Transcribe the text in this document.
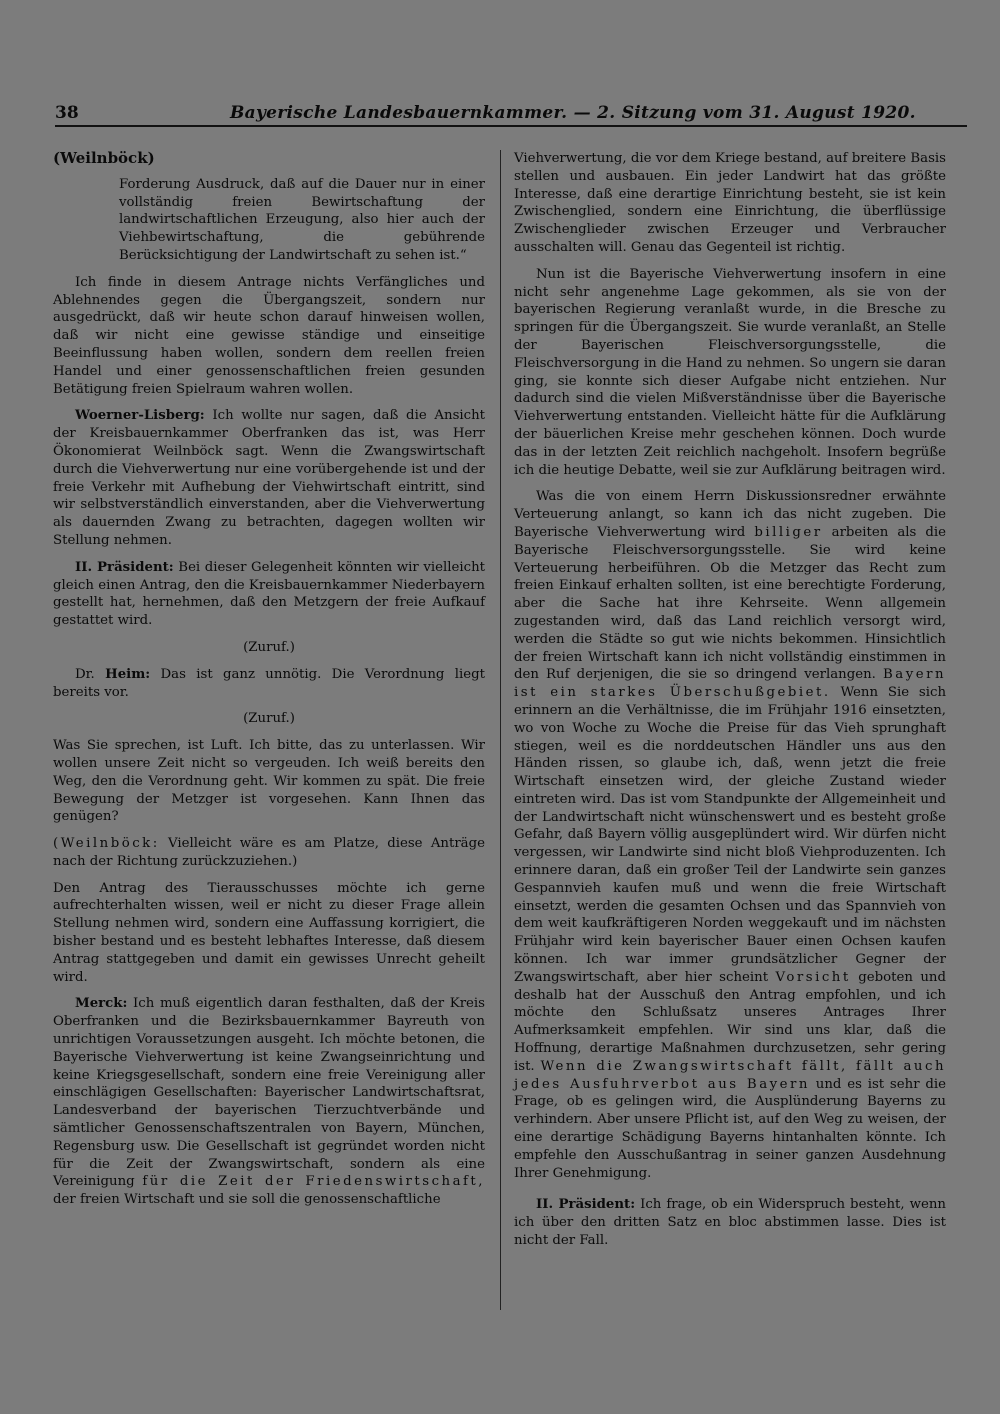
38	Bayerische Landesbauernkammer. — 2. Sitzung vom 31. August 1920.
(Weilnböck)

Forderung Ausdruck, daß auf die Dauer nur in einer vollständig freien Bewirtschaftung der landwirtschaftlichen Erzeugung, also hier auch der Viehbewirtschaftung, die gebührende Berücksichtigung der Landwirtschaft zu sehen ist.“

Ich finde in diesem Antrage nichts Verfängliches und Ablehnendes gegen die Übergangszeit, sondern nur ausgedrückt, daß wir heute schon darauf hinweisen wollen, daß wir nicht eine gewisse ständige und einseitige Beeinflussung haben wollen, sondern dem reellen freien Handel und einer genossenschaftlichen freien gesunden Betätigung freien Spielraum wahren wollen.

Woerner-Lisberg: Ich wollte nur sagen, daß die Ansicht der Kreisbauernkammer Oberfranken das ist, was Herr Ökonomierat Weilnböck sagt. Wenn die Zwangswirtschaft durch die Viehverwertung nur eine vorübergehende ist und der freie Verkehr mit Aufhebung der Viehwirtschaft eintritt, sind wir selbstverständlich einverstanden, aber die Viehverwertung als dauernden Zwang zu betrachten, dagegen wollten wir Stellung nehmen.

II. Präsident: Bei dieser Gelegenheit könnten wir vielleicht gleich einen Antrag, den die Kreisbauernkammer Niederbayern gestellt hat, hernehmen, daß den Metzgern der freie Aufkauf gestattet wird.

(Zuruf.)

Dr. Heim: Das ist ganz unnötig. Die Verordnung liegt bereits vor.

(Zuruf.)

Was Sie sprechen, ist Luft. Ich bitte, das zu unterlassen. Wir wollen unsere Zeit nicht so vergeuden. Ich weiß bereits den Weg, den die Verordnung geht. Wir kommen zu spät. Die freie Bewegung der Metzger ist vorgesehen. Kann Ihnen das genügen?

(Weilnböck: Vielleicht wäre es am Platze, diese Anträge nach der Richtung zurückzuziehen.)

Den Antrag des Tierausschusses möchte ich gerne aufrechterhalten wissen, weil er nicht zu dieser Frage allein Stellung nehmen wird, sondern eine Auffassung korrigiert, die bisher bestand und es besteht lebhaftes Interesse, daß diesem Antrag stattgegeben und damit ein gewisses Unrecht geheilt wird.

Merck: Ich muß eigentlich daran festhalten, daß der Kreis Oberfranken und die Bezirksbauernkammer Bayreuth von unrichtigen Voraussetzungen ausgeht. Ich möchte betonen, die Bayerische Viehverwertung ist keine Zwangseinrichtung und keine Kriegsgesellschaft, sondern eine freie Vereinigung aller einschlägigen Gesellschaften: Bayerischer Landwirtschaftsrat, Landesverband der bayerischen Tierzuchtverbände und sämtlicher Genossenschaftszentralen von Bayern, München, Regensburg usw. Die Gesellschaft ist gegründet worden nicht für die Zeit der Zwangswirtschaft, sondern als eine Vereinigung für die Zeit der Friedenswirtschaft, der freien Wirtschaft und sie soll die genossenschaftliche

Viehverwertung, die vor dem Kriege bestand, auf breitere Basis stellen und ausbauen. Ein jeder Landwirt hat das größte Interesse, daß eine derartige Einrichtung besteht, sie ist kein Zwischenglied, sondern eine Einrichtung, die überflüssige Zwischenglieder zwischen Erzeuger und Verbraucher ausschalten will. Genau das Gegenteil ist richtig.

Nun ist die Bayerische Viehverwertung insofern in eine nicht sehr angenehme Lage gekommen, als sie von der bayerischen Regierung veranlaßt wurde, in die Bresche zu springen für die Übergangszeit. Sie wurde veranlaßt, an Stelle der Bayerischen Fleischversorgungsstelle, die Fleischversorgung in die Hand zu nehmen. So ungern sie daran ging, sie konnte sich dieser Aufgabe nicht entziehen. Nur dadurch sind die vielen Mißverständnisse über die Bayerische Viehverwertung entstanden. Vielleicht hätte für die Aufklärung der bäuerlichen Kreise mehr geschehen können. Doch wurde das in der letzten Zeit reichlich nachgeholt. Insofern begrüße ich die heutige Debatte, weil sie zur Aufklärung beitragen wird.

Was die von einem Herrn Diskussionsredner erwähnte Verteuerung anlangt, so kann ich das nicht zugeben. Die Bayerische Viehverwertung wird billiger arbeiten als die Bayerische Fleischversorgungsstelle. Sie wird keine Verteuerung herbeiführen. Ob die Metzger das Recht zum freien Einkauf erhalten sollten, ist eine berechtigte Forderung, aber die Sache hat ihre Kehrseite. Wenn allgemein zugestanden wird, daß das Land reichlich versorgt wird, werden die Städte so gut wie nichts bekommen. Hinsichtlich der freien Wirtschaft kann ich nicht vollständig einstimmen in den Ruf derjenigen, die sie so dringend verlangen. Bayern ist ein starkes Überschußgebiet. Wenn Sie sich erinnern an die Verhältnisse, die im Frühjahr 1916 einsetzten, wo von Woche zu Woche die Preise für das Vieh sprunghaft stiegen, weil es die norddeutschen Händler uns aus den Händen rissen, so glaube ich, daß, wenn jetzt die freie Wirtschaft einsetzen wird, der gleiche Zustand wieder eintreten wird. Das ist vom Standpunkte der Allgemeinheit und der Landwirtschaft nicht wünschenswert und es besteht große Gefahr, daß Bayern völlig ausgeplündert wird. Wir dürfen nicht vergessen, wir Landwirte sind nicht bloß Viehproduzenten. Ich erinnere daran, daß ein großer Teil der Landwirte sein ganzes Gespannvieh kaufen muß und wenn die freie Wirtschaft einsetzt, werden die gesamten Ochsen und das Spannvieh von dem weit kaufkräftigeren Norden weggekauft und im nächsten Frühjahr wird kein bayerischer Bauer einen Ochsen kaufen können. Ich war immer grundsätzlicher Gegner der Zwangswirtschaft, aber hier scheint Vorsicht geboten und deshalb hat der Ausschuß den Antrag empfohlen, und ich möchte den Schlußsatz unseres Antrages Ihrer Aufmerksamkeit empfehlen. Wir sind uns klar, daß die Hoffnung, derartige Maßnahmen durchzusetzen, sehr gering ist. Wenn die Zwangswirtschaft fällt, fällt auch jedes Ausfuhrverbot aus Bayern und es ist sehr die Frage, ob es gelingen wird, die Ausplünderung Bayerns zu verhindern. Aber unsere Pflicht ist, auf den Weg zu weisen, der eine derartige Schädigung Bayerns hintanhalten könnte. Ich empfehle den Ausschußantrag in seiner ganzen Ausdehnung Ihrer Genehmigung.

II. Präsident: Ich frage, ob ein Widerspruch besteht, wenn ich über den dritten Satz en bloc abstimmen lasse. Dies ist nicht der Fall.
